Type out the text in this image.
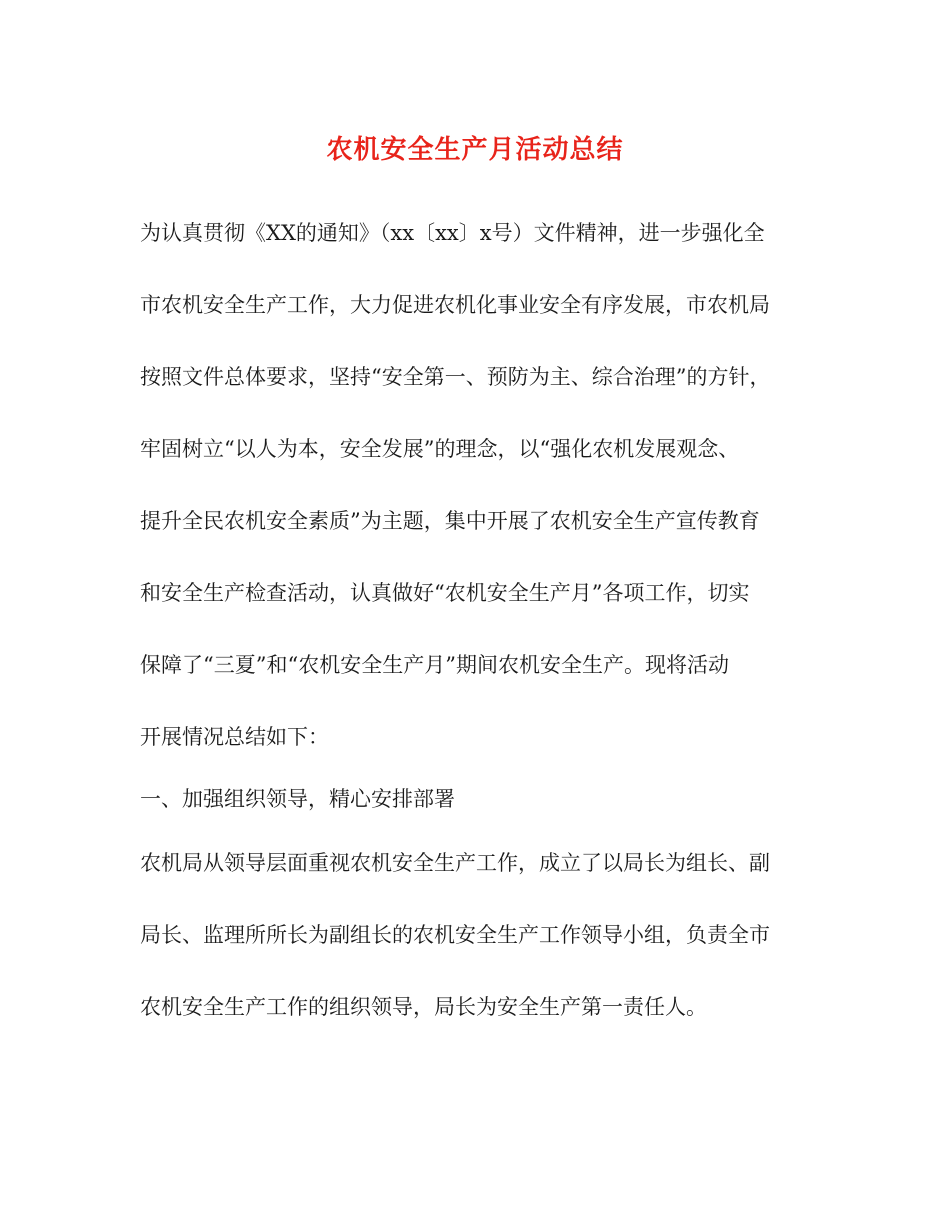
农机安全生产月活动总结
为认真贯彻《XX的通知》（xx〔xx〕x号）文件精神，进一步强化全
市农机安全生产工作，大力促进农机化事业安全有序发展，市农机局
按照文件总体要求，坚持“安全第一、预防为主、综合治理”的方针，
牢固树立“以人为本，安全发展”的理念，以“强化农机发展观念、
提升全民农机安全素质”为主题，集中开展了农机安全生产宣传教育
和安全生产检查活动，认真做好“农机安全生产月”各项工作，切实
保障了“三夏”和“农机安全生产月”期间农机安全生产。现将活动
开展情况总结如下：
一、加强组织领导，精心安排部署
农机局从领导层面重视农机安全生产工作，成立了以局长为组长、副
局长、监理所所长为副组长的农机安全生产工作领导小组，负责全市
农机安全生产工作的组织领导，局长为安全生产第一责任人。
